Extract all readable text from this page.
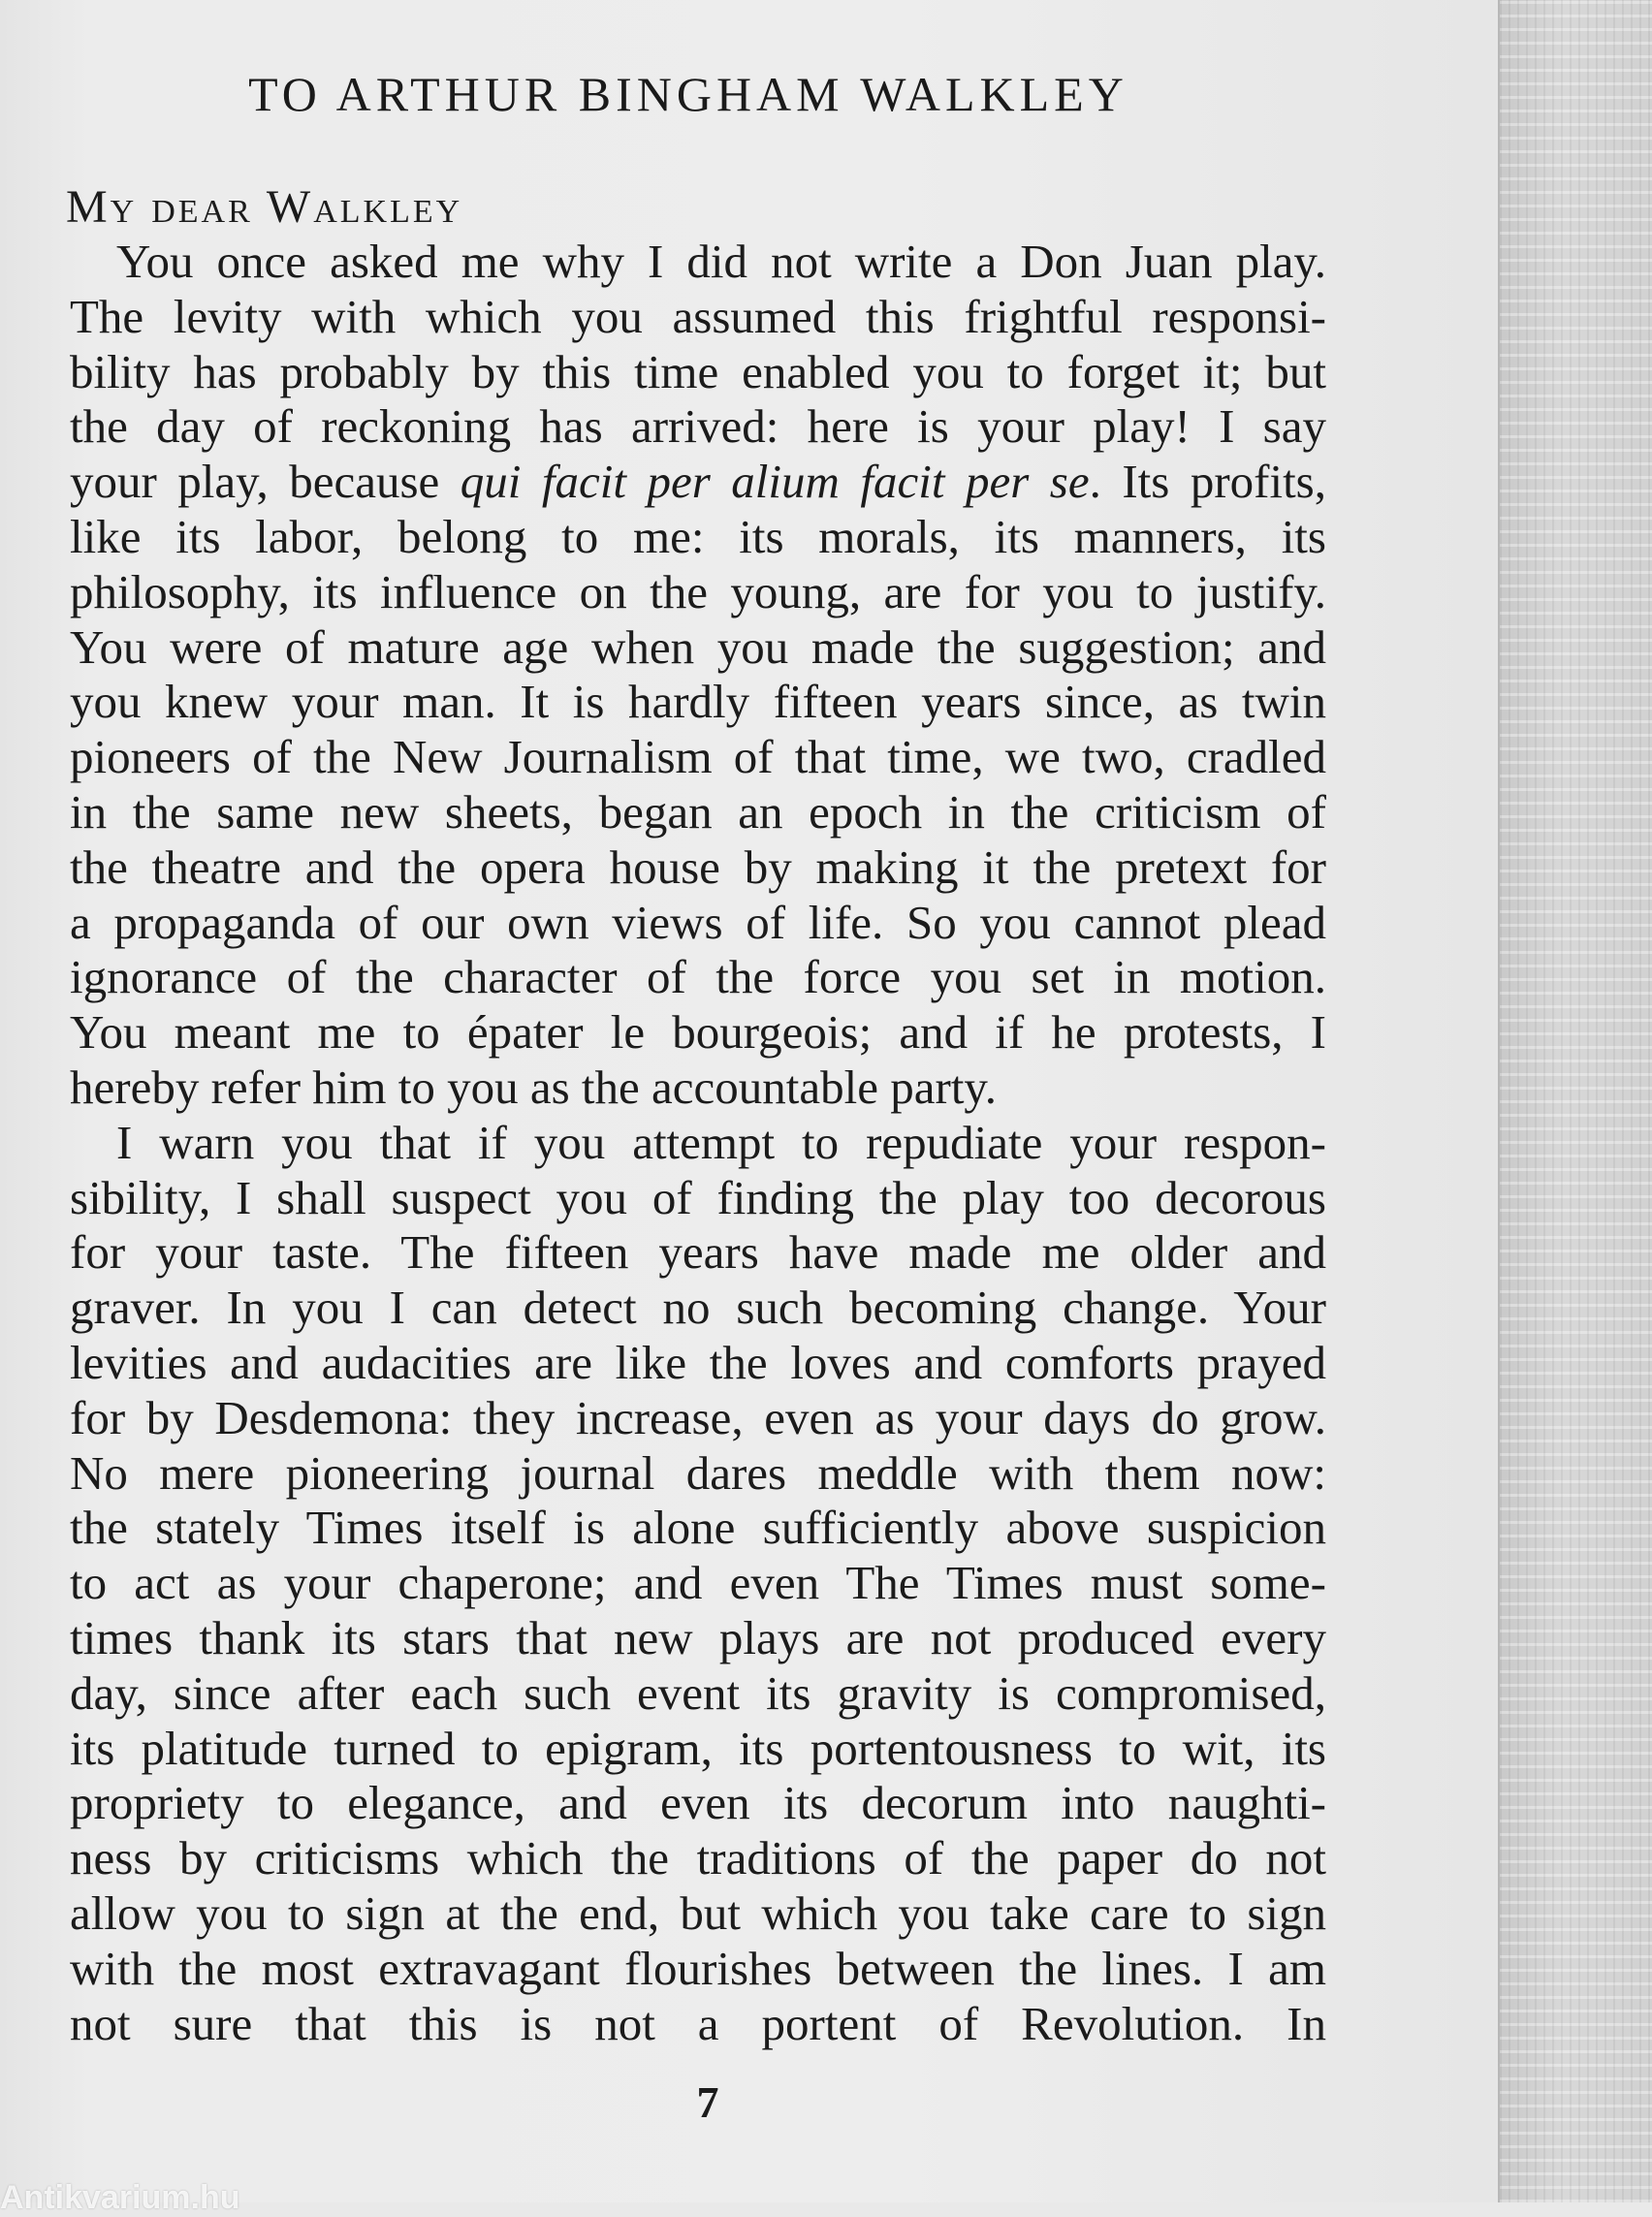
TO ARTHUR BINGHAM WALKLEY

My dear Walkley

You once asked me why I did not write a Don Juan play.
The levity with which you assumed this frightful responsi-
bility has probably by this time enabled you to forget it; but
the day of reckoning has arrived: here is your play! I say
your play, because qui facit per alium facit per se. Its profits,
like its labor, belong to me: its morals, its manners, its
philosophy, its influence on the young, are for you to justify.
You were of mature age when you made the suggestion; and
you knew your man. It is hardly fifteen years since, as twin
pioneers of the New Journalism of that time, we two, cradled
in the same new sheets, began an epoch in the criticism of
the theatre and the opera house by making it the pretext for
a propaganda of our own views of life. So you cannot plead
ignorance of the character of the force you set in motion.
You meant me to épater le bourgeois; and if he protests, I
hereby refer him to you as the accountable party.
I warn you that if you attempt to repudiate your respon-
sibility, I shall suspect you of finding the play too decorous
for your taste. The fifteen years have made me older and
graver. In you I can detect no such becoming change. Your
levities and audacities are like the loves and comforts prayed
for by Desdemona: they increase, even as your days do grow.
No mere pioneering journal dares meddle with them now:
the stately Times itself is alone sufficiently above suspicion
to act as your chaperone; and even The Times must some-
times thank its stars that new plays are not produced every
day, since after each such event its gravity is compromised,
its platitude turned to epigram, its portentousness to wit, its
propriety to elegance, and even its decorum into naughti-
ness by criticisms which the traditions of the paper do not
allow you to sign at the end, but which you take care to sign
with the most extravagant flourishes between the lines. I am
not sure that this is not a portent of Revolution. In

7

Antikvarium.hu
